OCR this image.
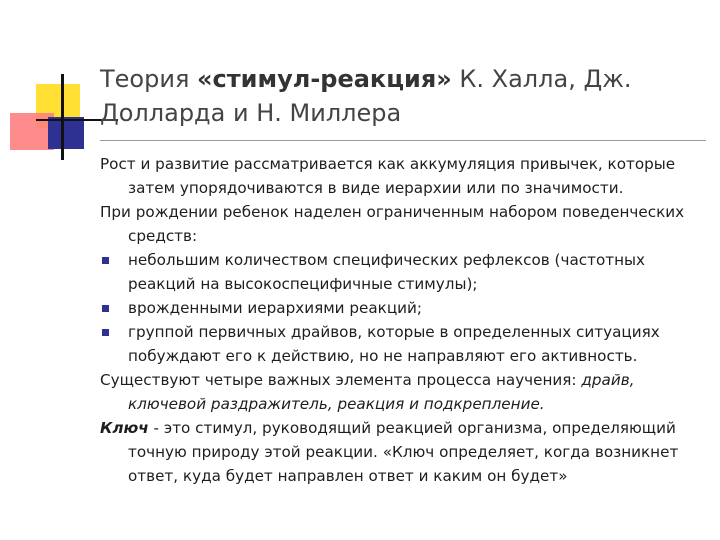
Теория «стимул-реакция» К. Халла, Дж. Долларда и Н. Миллера

Рост и развитие рассматривается как аккумуляция привычек, которые затем упорядочиваются в виде иерархии или по значимости.

При рождении ребенок наделен ограниченным набором поведенческих средств:

небольшим количеством специфических рефлексов (частотных реакций на высокоспецифичные стимулы);
врожденными иерархиями реакций;
группой первичных драйвов, которые в определенных ситуациях побуждают его к действию, но не направляют его активность.

Существуют четыре важных элемента процесса научения: драйв, ключевой раздражитель, реакция и подкрепление.

Ключ - это стимул, руководящий реакцией организма, определяющий точную природу этой реакции. «Ключ определяет, когда возникнет ответ, куда будет направлен ответ и каким он будет»
